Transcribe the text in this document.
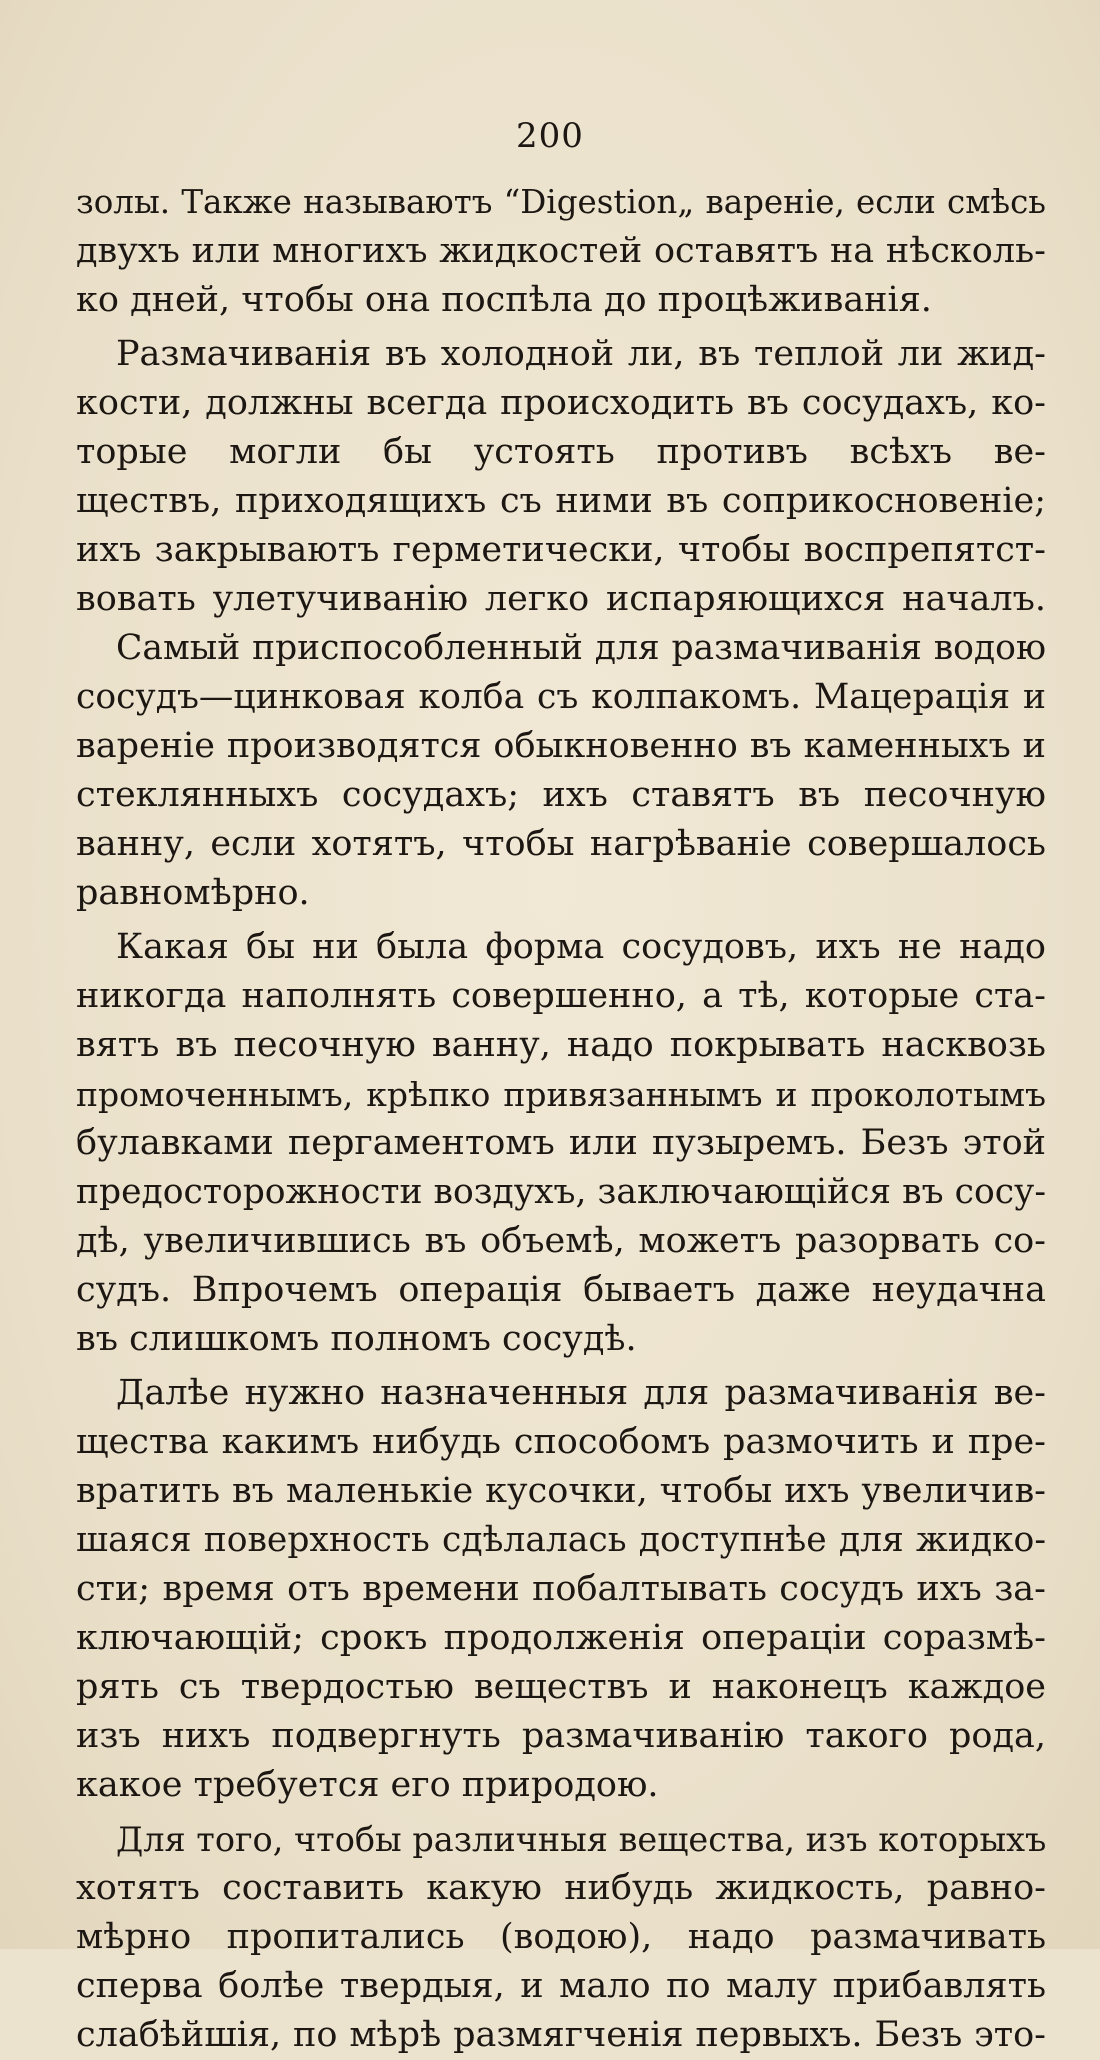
200
золы. Также называютъ “Digestion„ вареніе, если смѣсь
двухъ или многихъ жидкостей оставятъ на нѣсколь-
ко дней, чтобы она поспѣла до процѣживанія.
Размачиванія въ холодной ли, въ теплой ли жид-
кости, должны всегда происходить въ сосудахъ, ко-
торые могли бы устоять противъ всѣхъ ве-
ществъ, приходящихъ съ ними въ соприкосновеніе;
ихъ закрываютъ герметически, чтобы воспрепятст-
вовать улетучиванію легко испаряющихся началъ.
Самый приспособленный для размачиванія водою
сосудъ—цинковая колба съ колпакомъ. Мацерація и
вареніе производятся обыкновенно въ каменныхъ и
стеклянныхъ сосудахъ; ихъ ставятъ въ песочную
ванну, если хотятъ, чтобы нагрѣваніе совершалось
равномѣрно.
Какая бы ни была форма сосудовъ, ихъ не надо
никогда наполнять совершенно, а тѣ, которые ста-
вятъ въ песочную ванну, надо покрывать насквозь
промоченнымъ, крѣпко привязаннымъ и проколотымъ
булавками пергаментомъ или пузыремъ. Безъ этой
предосторожности воздухъ, заключающійся въ сосу-
дѣ, увеличившись въ объемѣ, можетъ разорвать со-
судъ. Впрочемъ операція бываетъ даже неудачна
въ слишкомъ полномъ сосудѣ.
Далѣе нужно назначенныя для размачиванія ве-
щества какимъ нибудь способомъ размочить и пре-
вратить въ маленькіе кусочки, чтобы ихъ увеличив-
шаяся поверхность сдѣлалась доступнѣе для жидко-
сти; время отъ времени побалтывать сосудъ ихъ за-
ключающій; срокъ продолженія операціи соразмѣ-
рять съ твердостью веществъ и наконецъ каждое
изъ нихъ подвергнуть размачиванію такого рода,
какое требуется его природою.
Для того, чтобы различныя вещества, изъ которыхъ
хотятъ составить какую нибудь жидкость, равно-
мѣрно пропитались (водою), надо размачивать
сперва болѣе твердыя, и мало по малу прибавлять
слабѣйшія, по мѣрѣ размягченія первыхъ. Безъ это-
